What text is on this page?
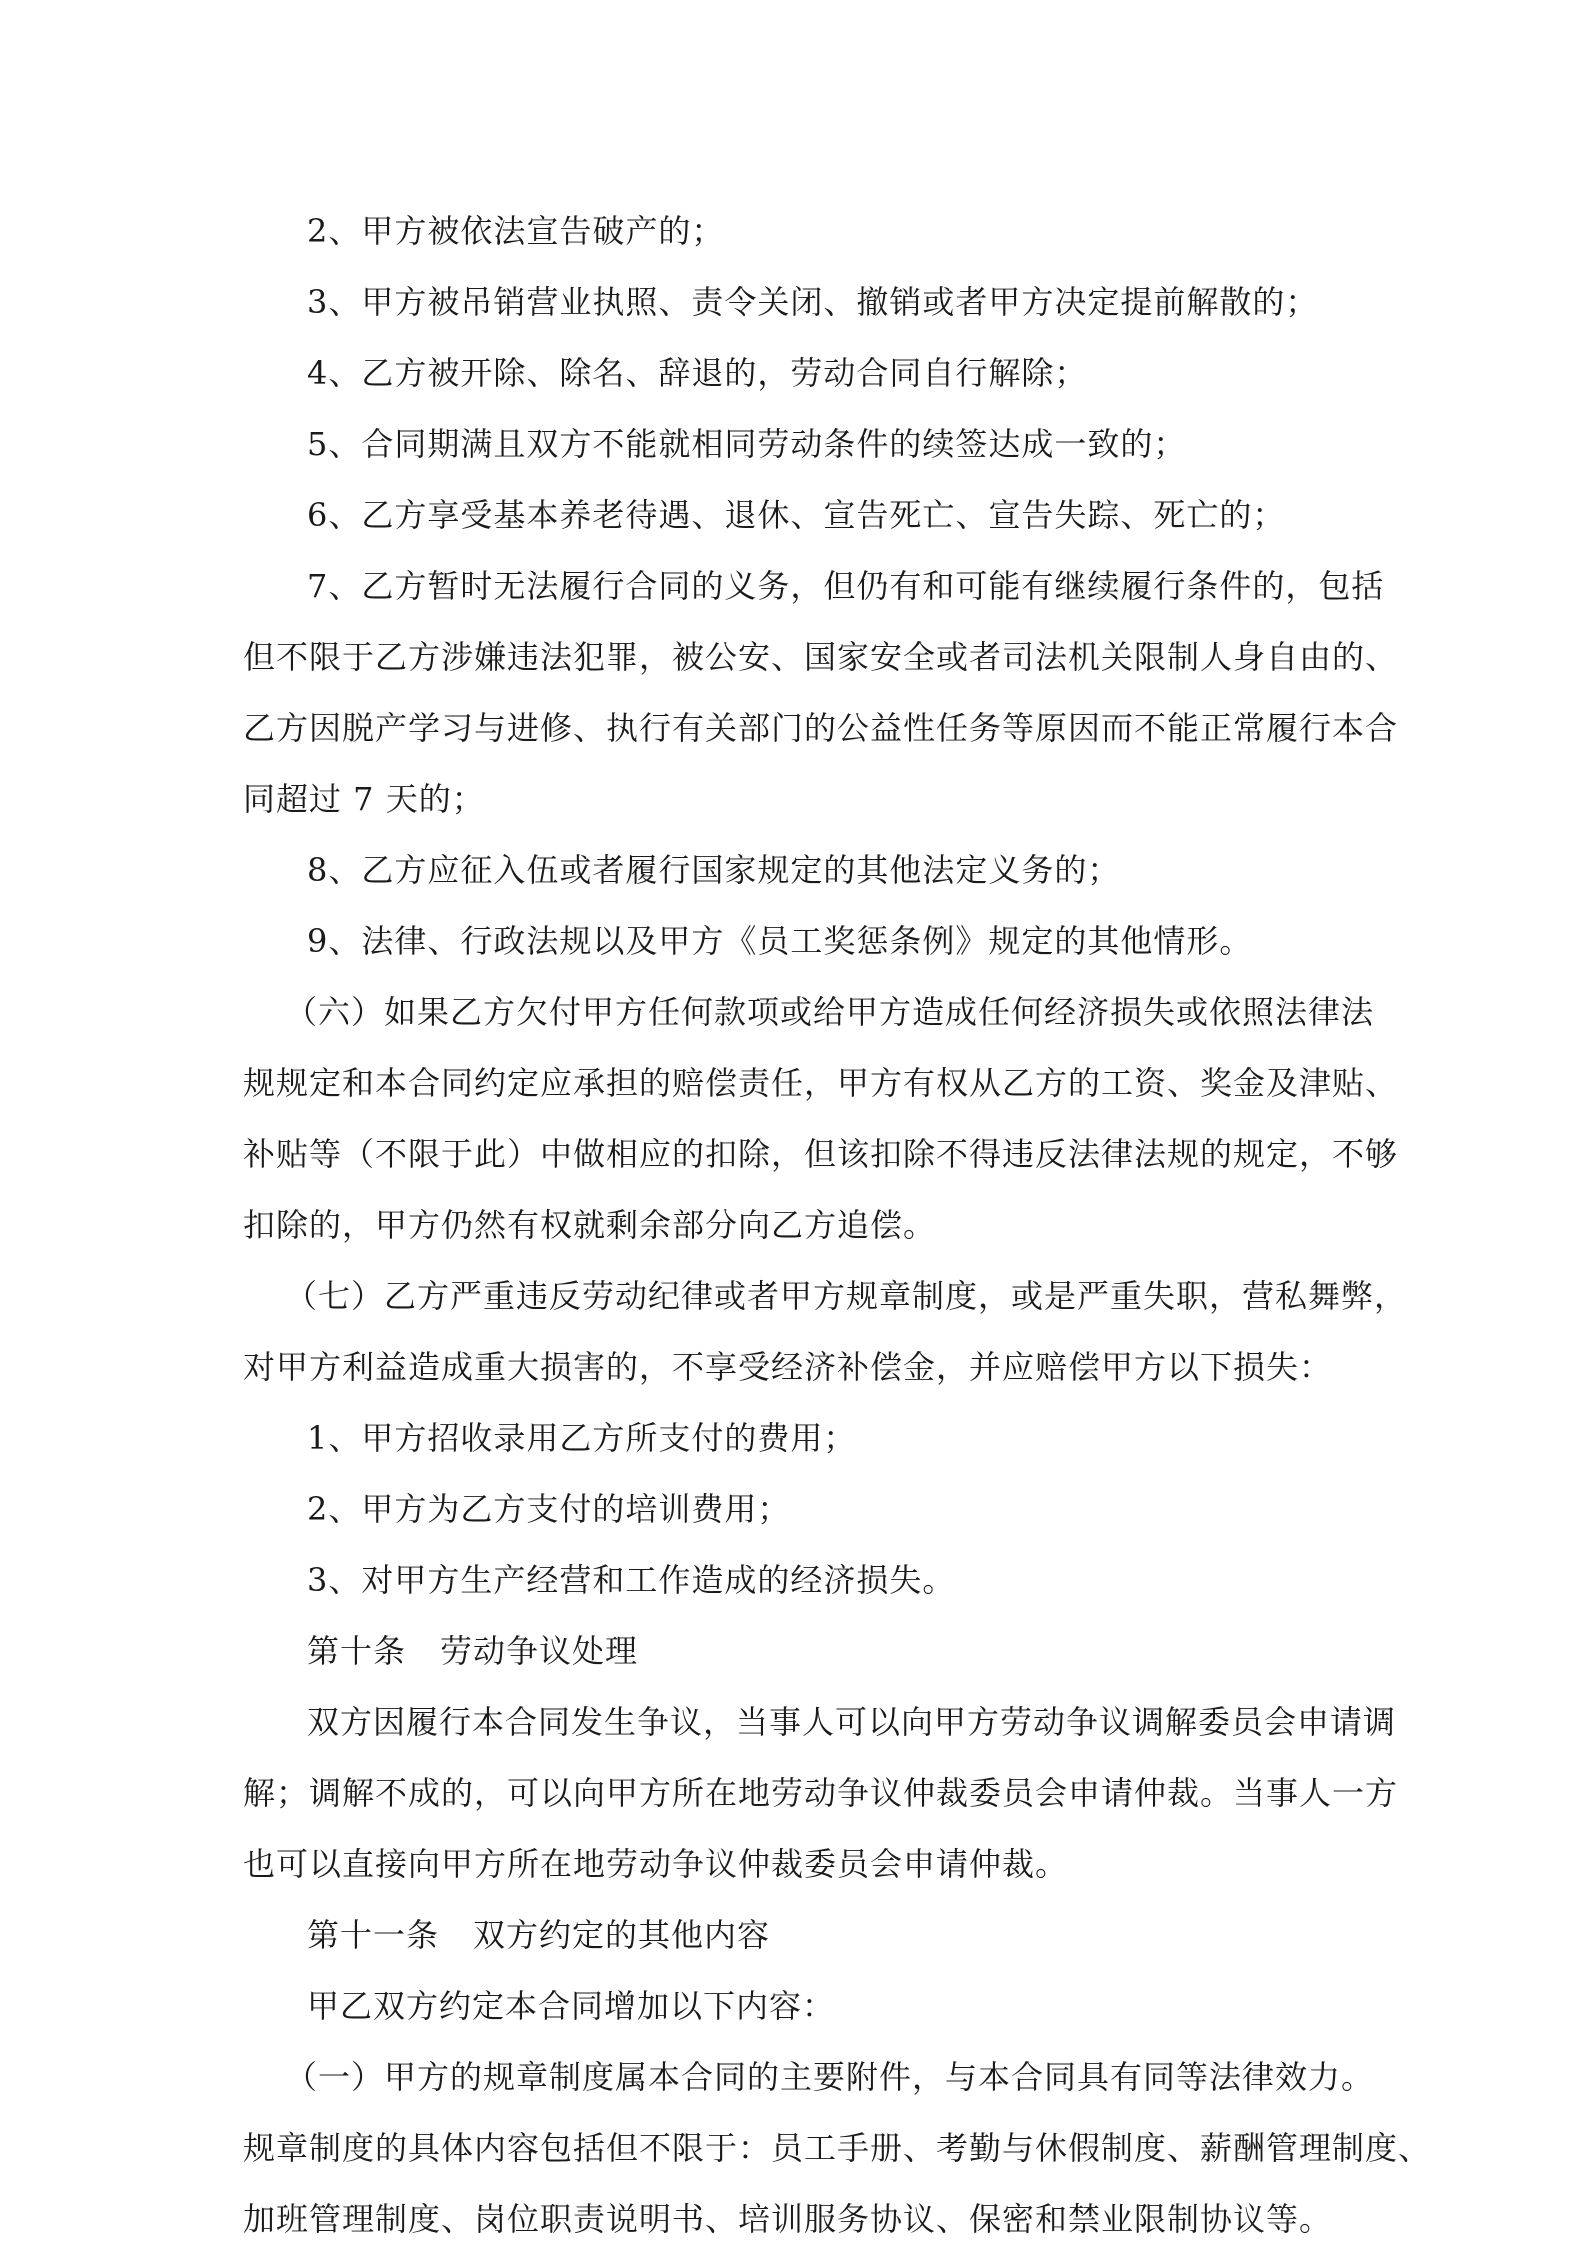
2、甲方被依法宣告破产的；

3、甲方被吊销营业执照、责令关闭、撤销或者甲方决定提前解散的；

4、乙方被开除、除名、辞退的，劳动合同自行解除；

5、合同期满且双方不能就相同劳动条件的续签达成一致的；

6、乙方享受基本养老待遇、退休、宣告死亡、宣告失踪、死亡的；

7、乙方暂时无法履行合同的义务，但仍有和可能有继续履行条件的，包括

但不限于乙方涉嫌违法犯罪，被公安、国家安全或者司法机关限制人身自由的、

乙方因脱产学习与进修、执行有关部门的公益性任务等原因而不能正常履行本合

同超过 7 天的；

8、乙方应征入伍或者履行国家规定的其他法定义务的；

9、法律、行政法规以及甲方《员工奖惩条例》规定的其他情形。

（六）如果乙方欠付甲方任何款项或给甲方造成任何经济损失或依照法律法

规规定和本合同约定应承担的赔偿责任，甲方有权从乙方的工资、奖金及津贴、

补贴等（不限于此）中做相应的扣除，但该扣除不得违反法律法规的规定，不够

扣除的，甲方仍然有权就剩余部分向乙方追偿。

（七）乙方严重违反劳动纪律或者甲方规章制度，或是严重失职，营私舞弊，

对甲方利益造成重大损害的，不享受经济补偿金，并应赔偿甲方以下损失：

1、甲方招收录用乙方所支付的费用；

2、甲方为乙方支付的培训费用；

3、对甲方生产经营和工作造成的经济损失。

第十条 劳动争议处理

双方因履行本合同发生争议，当事人可以向甲方劳动争议调解委员会申请调

解；调解不成的，可以向甲方所在地劳动争议仲裁委员会申请仲裁。当事人一方

也可以直接向甲方所在地劳动争议仲裁委员会申请仲裁。

第十一条 双方约定的其他内容

甲乙双方约定本合同增加以下内容：

（一）甲方的规章制度属本合同的主要附件，与本合同具有同等法律效力。

规章制度的具体内容包括但不限于：员工手册、考勤与休假制度、薪酬管理制度、

加班管理制度、岗位职责说明书、培训服务协议、保密和禁业限制协议等。
